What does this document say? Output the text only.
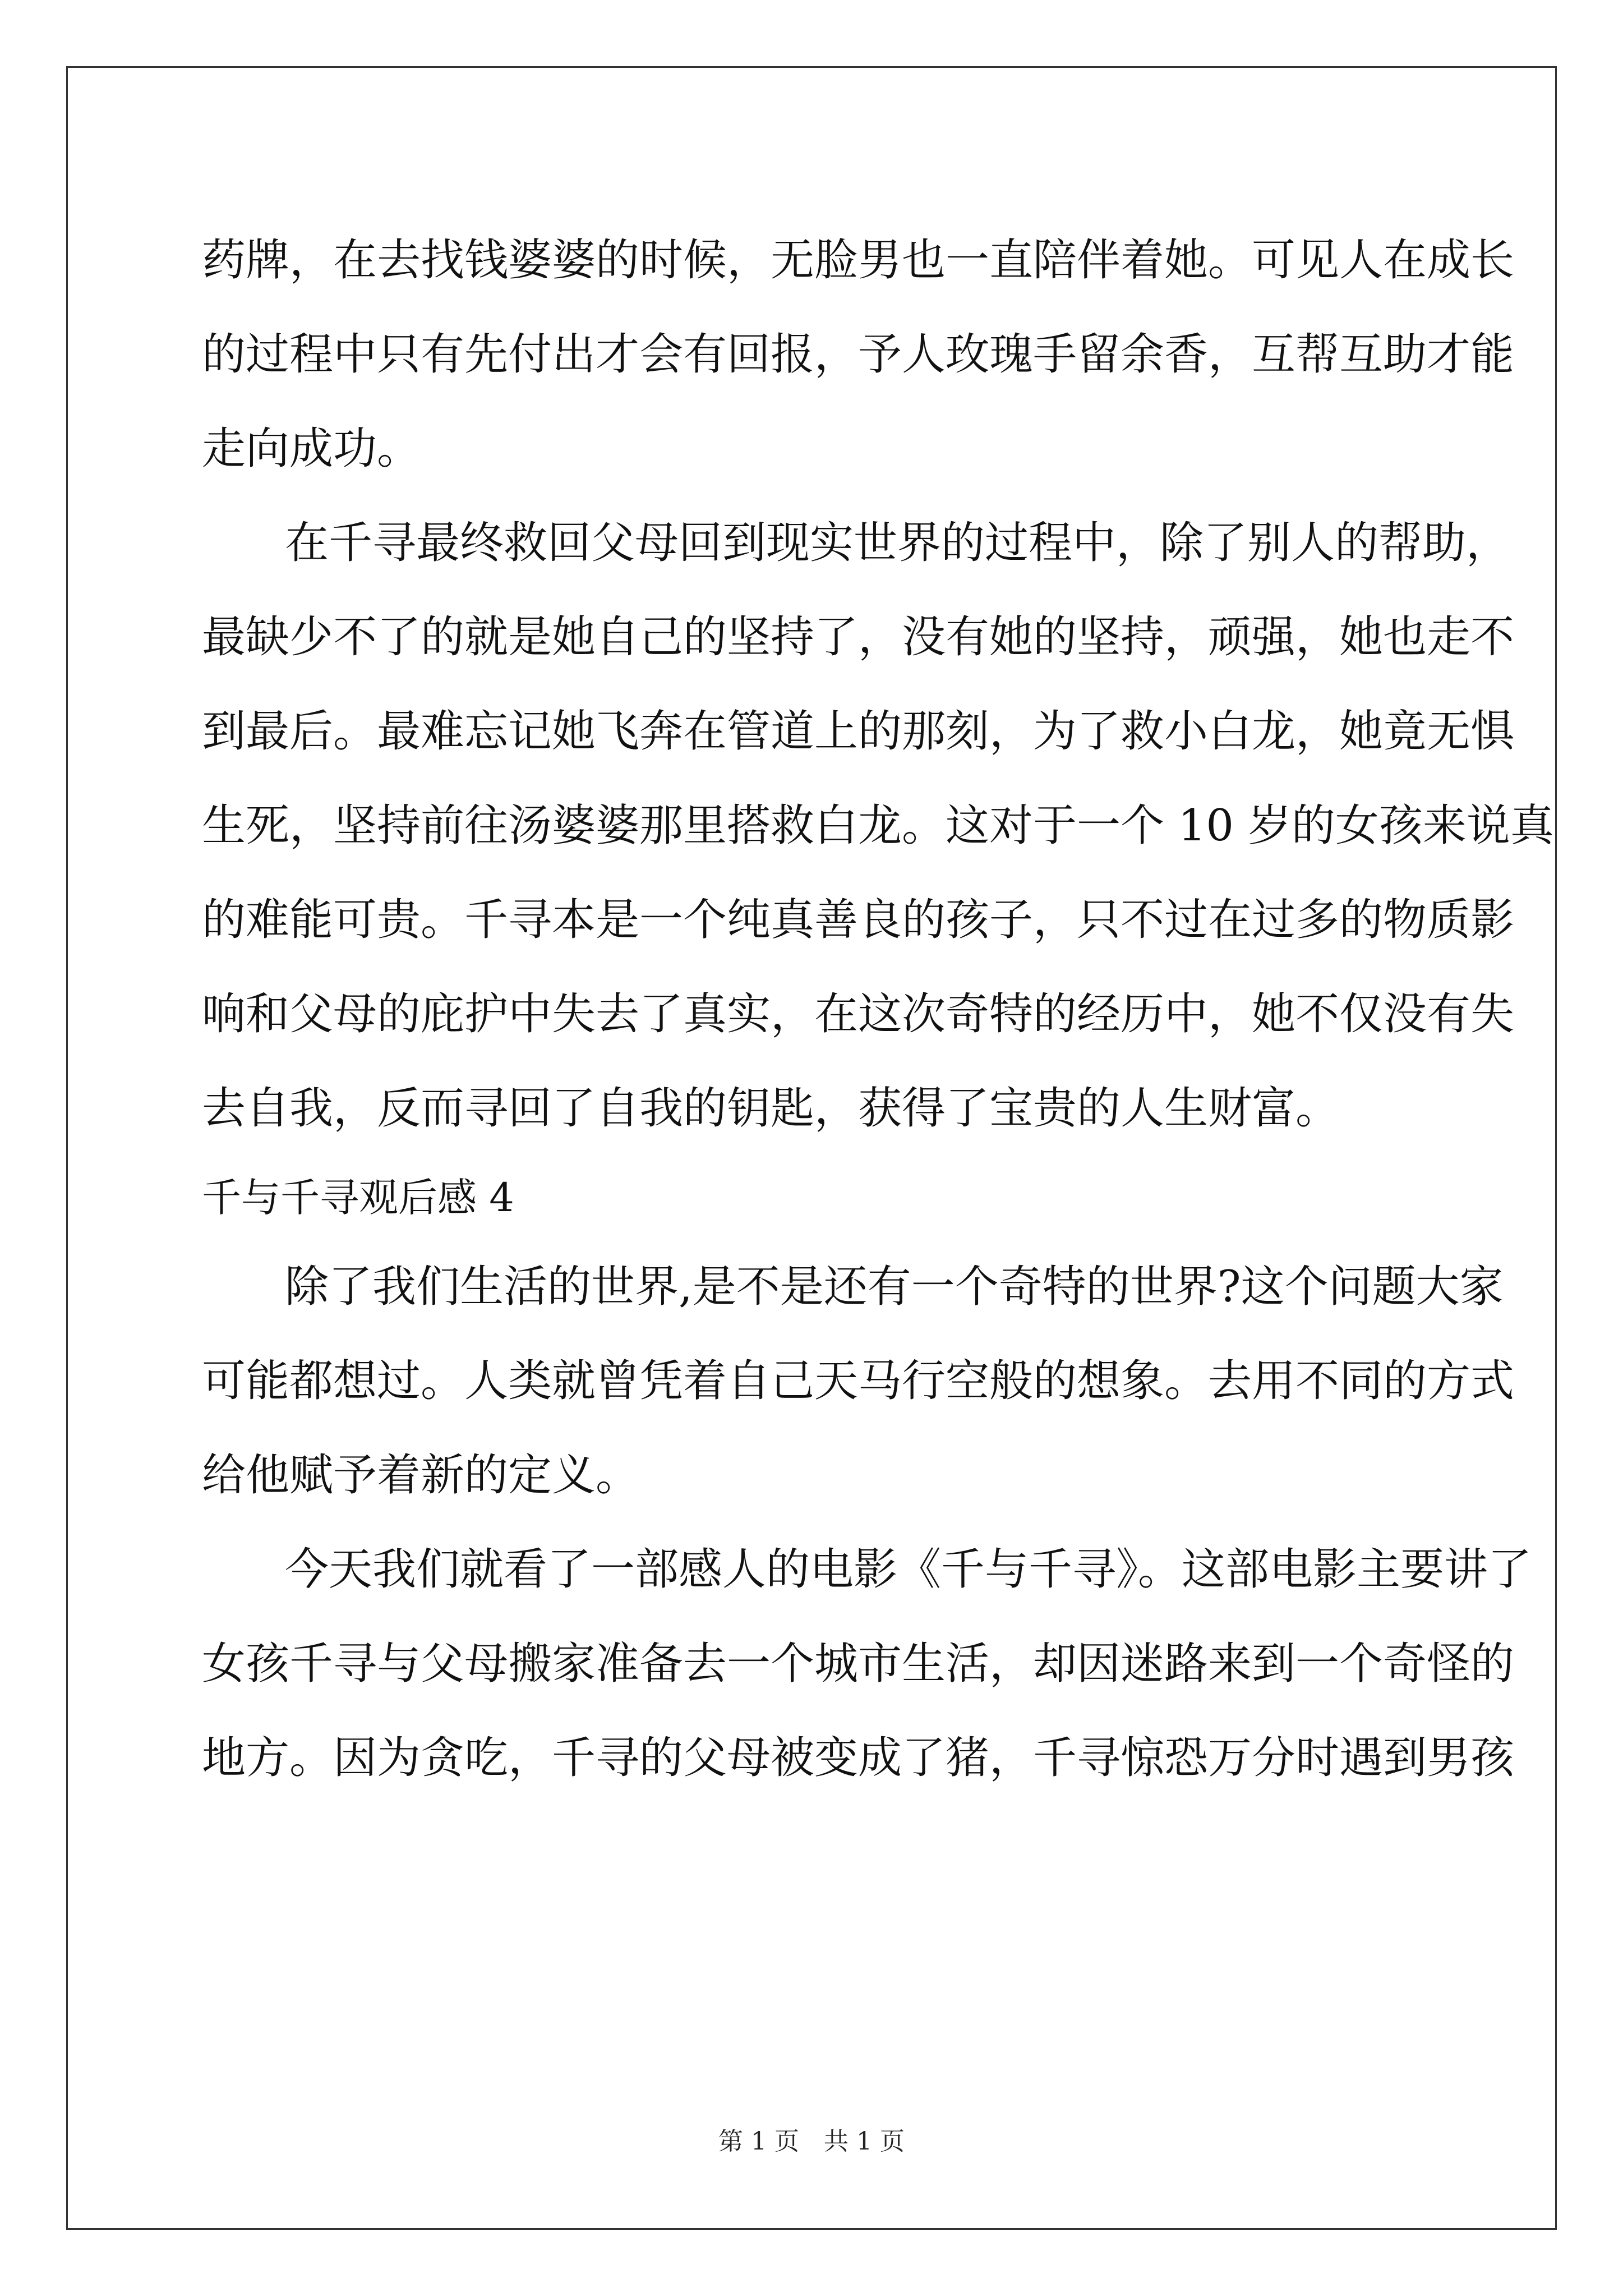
药牌，在去找钱婆婆的时候，无脸男也一直陪伴着她。可见人在成长
的过程中只有先付出才会有回报，予人玫瑰手留余香，互帮互助才能
走向成功。
在千寻最终救回父母回到现实世界的过程中，除了别人的帮助，
最缺少不了的就是她自己的坚持了，没有她的坚持，顽强，她也走不
到最后。最难忘记她飞奔在管道上的那刻，为了救小白龙，她竟无惧
生死，坚持前往汤婆婆那里搭救白龙。这对于一个 10 岁的女孩来说真
的难能可贵。千寻本是一个纯真善良的孩子，只不过在过多的物质影
响和父母的庇护中失去了真实，在这次奇特的经历中，她不仅没有失
去自我，反而寻回了自我的钥匙，获得了宝贵的人生财富。
千与千寻观后感 4
除了我们生活的世界,是不是还有一个奇特的世界?这个问题大家
可能都想过。人类就曾凭着自己天马行空般的想象。去用不同的方式
给他赋予着新的定义。
今天我们就看了一部感人的电影《千与千寻》。这部电影主要讲了
女孩千寻与父母搬家准备去一个城市生活，却因迷路来到一个奇怪的
地方。因为贪吃，千寻的父母被变成了猪，千寻惊恐万分时遇到男孩
第 1 页　共 1 页
